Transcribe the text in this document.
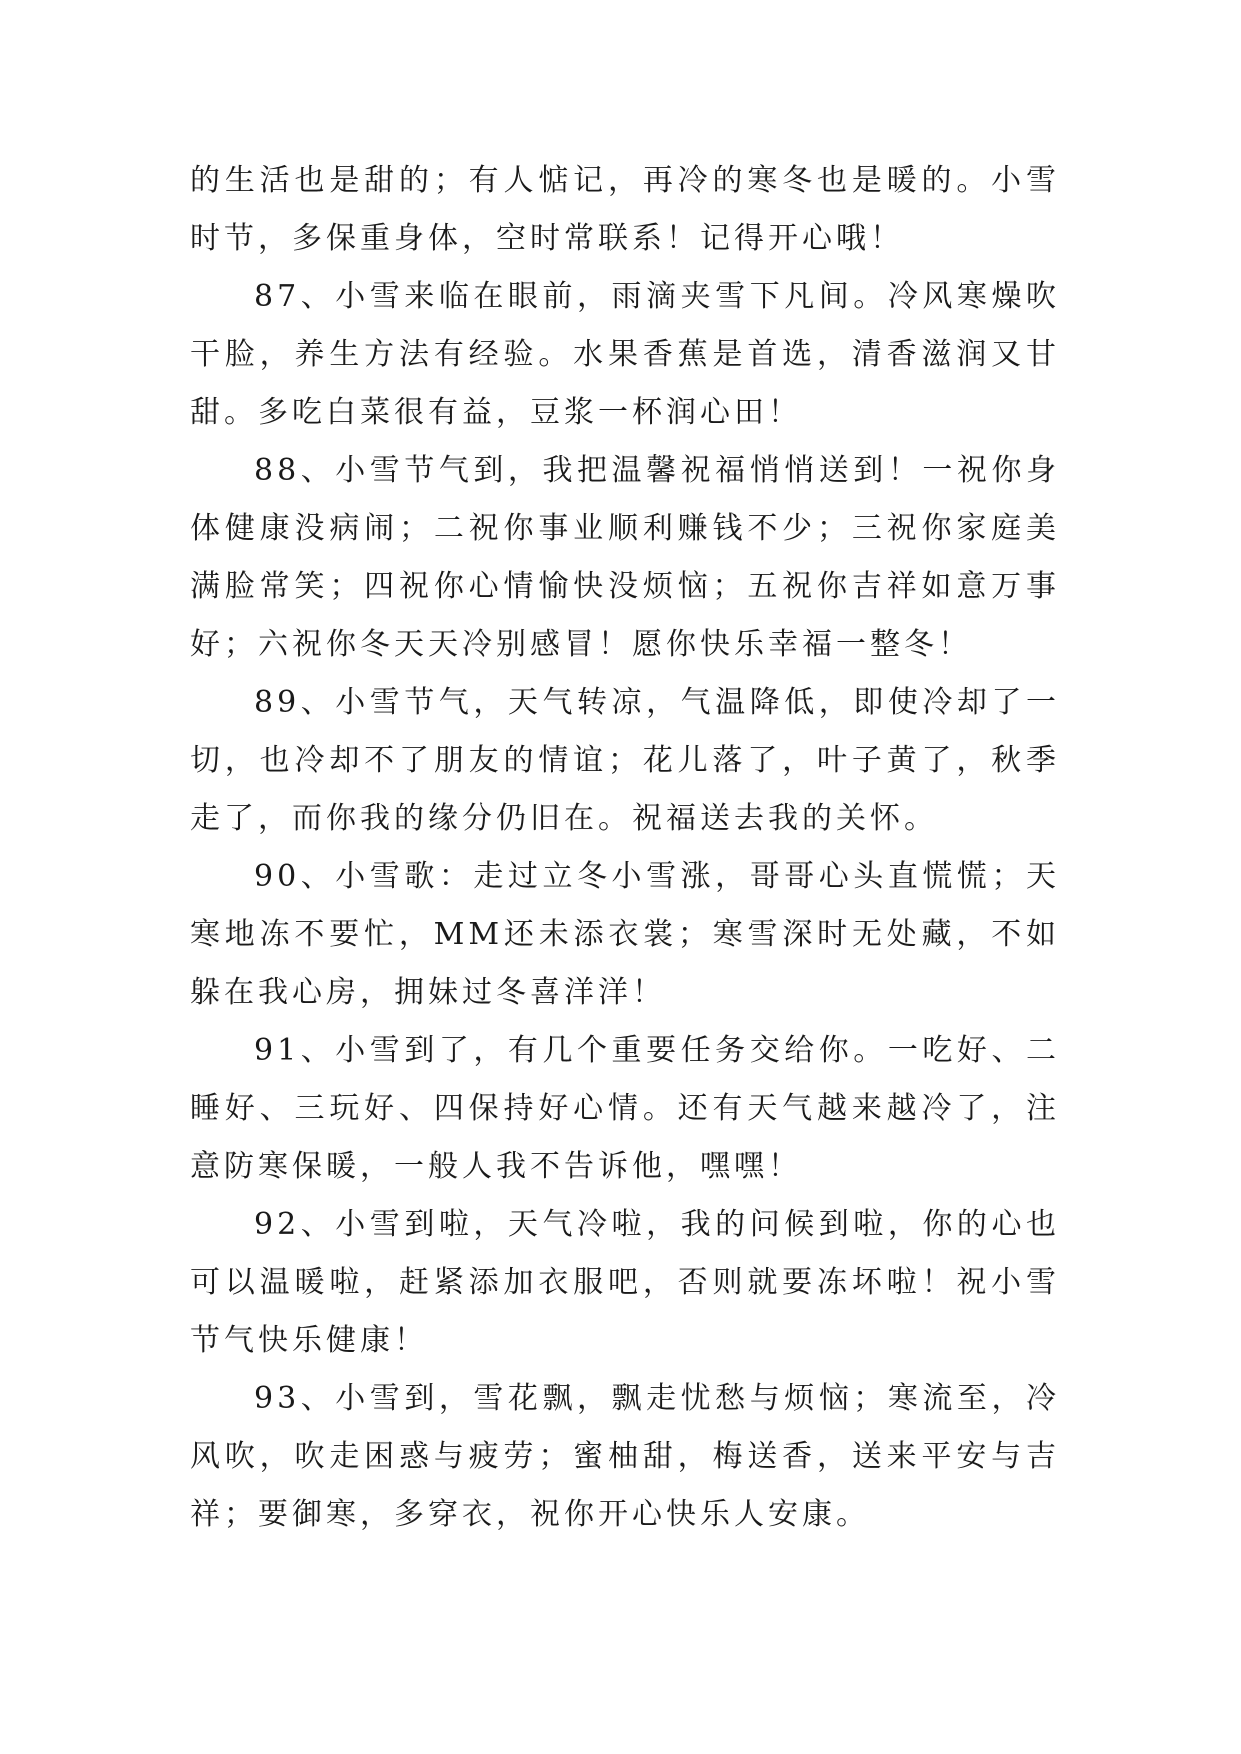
的生活也是甜的；有人惦记，再冷的寒冬也是暖的。小雪时节，多保重身体，空时常联系！记得开心哦！

87、小雪来临在眼前，雨滴夹雪下凡间。冷风寒燥吹干脸，养生方法有经验。水果香蕉是首选，清香滋润又甘甜。多吃白菜很有益，豆浆一杯润心田！

88、小雪节气到，我把温馨祝福悄悄送到！一祝你身体健康没病闹；二祝你事业顺利赚钱不少；三祝你家庭美满脸常笑；四祝你心情愉快没烦恼；五祝你吉祥如意万事好；六祝你冬天天冷别感冒！愿你快乐幸福一整冬！

89、小雪节气，天气转凉，气温降低，即使冷却了一切，也冷却不了朋友的情谊；花儿落了，叶子黄了，秋季走了，而你我的缘分仍旧在。祝福送去我的关怀。

90、小雪歌：走过立冬小雪涨，哥哥心头直慌慌；天寒地冻不要忙，MM还未添衣裳；寒雪深时无处藏，不如躲在我心房，拥妹过冬喜洋洋！

91、小雪到了，有几个重要任务交给你。一吃好、二睡好、三玩好、四保持好心情。还有天气越来越冷了，注意防寒保暖，一般人我不告诉他，嘿嘿！

92、小雪到啦，天气冷啦，我的问候到啦，你的心也可以温暖啦，赶紧添加衣服吧，否则就要冻坏啦！祝小雪节气快乐健康！

93、小雪到，雪花飘，飘走忧愁与烦恼；寒流至，冷风吹，吹走困惑与疲劳；蜜柚甜，梅送香，送来平安与吉祥；要御寒，多穿衣，祝你开心快乐人安康。
